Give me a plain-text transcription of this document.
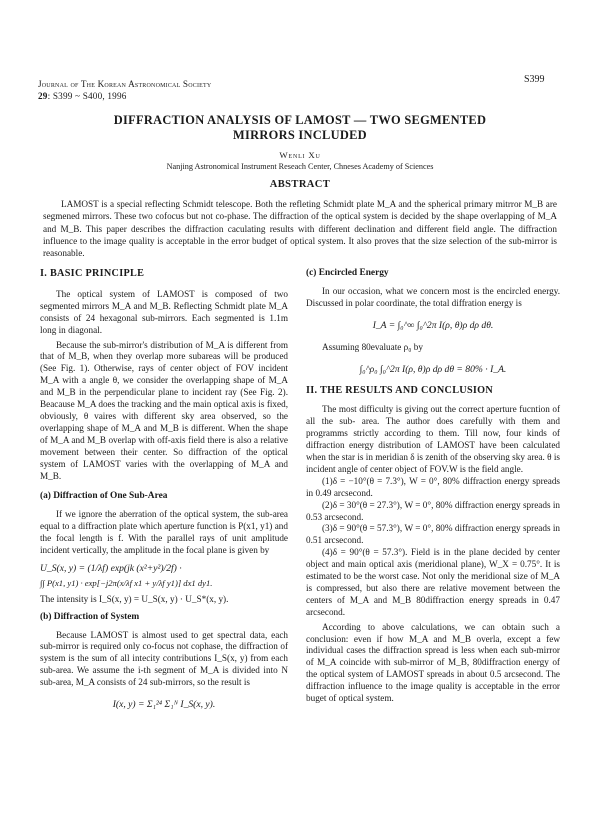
Journal of The Korean Astronomical Society
29: S399 ~ S400, 1996
S399
DIFFRACTION ANALYSIS OF LAMOST — TWO SEGMENTED
MIRRORS INCLUDED
Wenli Xu
Nanjing Astronomical Instrument Reseach Center, Chneses Academy of Sciences
ABSTRACT
LAMOST is a special reflecting Schmidt telescope. Both the refleting Schmidt plate M_A and the spherical primary mitrror M_B are segmened mirrors. These two cofocus but not co-phase. The diffraction of the optical system is decided by the shape overlapping of M_A and M_B. This paper describes the diffraction caculating results with different declination and different field angle. The diffraction influence to the image quality is acceptable in the error budget of optical system. It also proves that the size selection of the sub-mirror is reasonable.
I. BASIC PRINCIPLE

The optical system of LAMOST is composed of two segmented mirrors M_A and M_B. Reflecting Schmidt plate M_A consists of 24 hexagonal sub-mirrors. Each segmented is 1.1m long in diagonal.

Because the sub-mirror's distribution of M_A is different from that of M_B, when they overlap more subareas will be produced (See Fig. 1). Otherwise, rays of center object of FOV incident M_A with a angle θ, we consider the overlapping shape of M_A and M_B in the perpendicular plane to incident ray (See Fig. 2). Beacause M_A does the tracking and the main optical axis is fixed, obviously, θ vaires with different sky area observed, so the overlapping shape of M_A and M_B is different. When the shape of M_A and M_B overlap with off-axis field there is also a relative movement between their center. So diffraction of the optical system of LAMOST varies with the overlapping of M_A and M_B.

(a) Diffraction of One Sub-Area

If we ignore the aberration of the optical system, the sub-area equal to a diffraction plate which aperture function is P(x1, y1) and the focal length is f. With the parallel rays of unit amplitude incident vertically, the amplitude in the focal plane is given by

U_S(x, y) = (1/λf) exp(jk (x²+y²)/2f) ·
∫∫ P(x1, y1) · exp[−j2π(x/λf x1 + y/λf y1)] dx1 dy1.

The intensity is I_S(x, y) = U_S(x, y) · U_S*(x, y).

(b) Diffraction of System

Because LAMOST is almost used to get spectral data, each sub-mirror is required only co-focus not cophase, the diffraction of system is the sum of all intecity contributions I_S(x, y) from each sub-area. We assume the i-th segment of M_A is divided into N sub-area, M_A consists of 24 sub-mirrors, so the result is

I(x, y) = Σ₁²⁴ Σ₁ᴺ I_S(x, y).
(c) Encircled Energy

In our occasion, what we concern most is the encircled energy. Discussed in polar coordinate, the total diffration energy is

I_A = ∫₀^∞ ∫₀^2π I(ρ, θ)ρ dρ dθ.

Assuming 80evaluate ρ₀ by

∫₀^ρ₀ ∫₀^2π I(ρ, θ)ρ dρ dθ = 80% · I_A.
II. THE RESULTS AND CONCLUSION

The most difficulty is giving out the correct aperture fucntion of all the sub- area. The author does carefully with them and programms strictly according to them. Till now, four kinds of diffraction energy distribution of LAMOST have been calculated when the star is in meridian δ is zenith of the observing sky area. θ is incident angle of center object of FOV.W is the field angle.

(1)δ = −10°(θ = 7.3°), W = 0°, 80% diffraction energy spreads in 0.49 arcsecond.

(2)δ = 30°(θ = 27.3°), W = 0°, 80% diffraction energy spreads in 0.53 arcsecond.

(3)δ = 90°(θ = 57.3°), W = 0°, 80% diffraction energy spreads in 0.51 arcsecond.

(4)δ = 90°(θ = 57.3°). Field is in the plane decided by center object and main optical axis (meridional plane), W_X = 0.75°. It is estimated to be the worst case. Not only the meridional size of M_A is compressed, but also there are relative movement between the centers of M_A and M_B 80diffraction energy spreads in 0.47 arcsecond.

According to above calculations, we can obtain such a conclusion: even if how M_A and M_B overla, except a few individual cases the diffraction spread is less when each sub-mirror of M_A coincide with sub-mirror of M_B, 80diffraction energy of the optical system of LAMOST spreads in about 0.5 arcsecond. The diffraction influence to the image quality is acceptable in the error buget of optical system.
